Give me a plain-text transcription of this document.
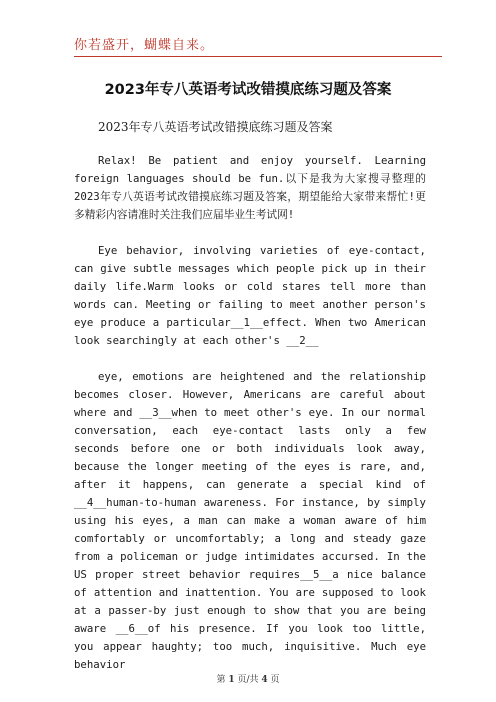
你若盛开，蝴蝶自来。
2023年专八英语考试改错摸底练习题及答案
2023年专八英语考试改错摸底练习题及答案

Relax! Be patient and enjoy yourself. Learning foreign languages should be fun.以下是我为大家搜寻整理的2023年专八英语考试改错摸底练习题及答案，期望能给大家带来帮忙!更多精彩内容请准时关注我们应届毕业生考试网!

Eye behavior, involving varieties of eye-contact, can give subtle messages which people pick up in their daily life.Warm looks or cold stares tell more than words can. Meeting or failing to meet another person's eye produce a particular__1__effect. When two American look searchingly at each other's __2__

eye, emotions are heightened and the relationship becomes closer. However, Americans are careful about where and __3__when to meet other's eye. In our normal conversation, each eye-contact lasts only a few seconds before one or both individuals look away, because the longer meeting of the eyes is rare, and, after it happens, can generate a special kind of __4__human-to-human awareness. For instance, by simply using his eyes, a man can make a woman aware of him comfortably or uncomfortably; a long and steady gaze from a policeman or judge intimidates accursed. In the US proper street behavior requires__5__a nice balance of attention and inattention. You are supposed to look at a passer-by just enough to show that you are being aware __6__of his presence. If you look too little, you appear haughty; too much, inquisitive. Much eye behavior

第 1 页/共 4 页
